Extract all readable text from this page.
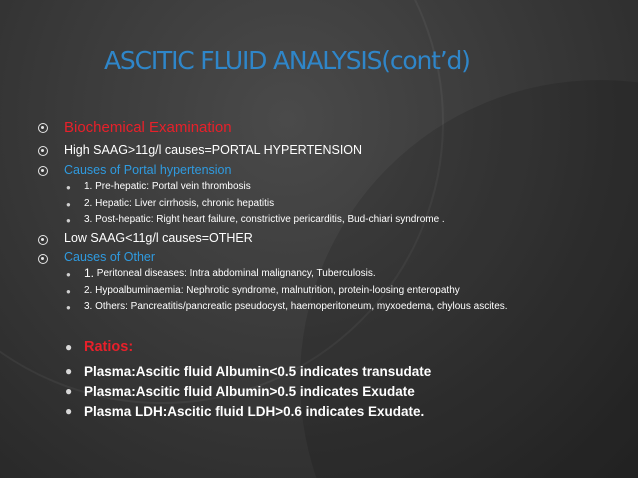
ASCITIC FLUID ANALYSIS(cont’d)
Biochemical Examination
High SAAG>11g/l causes=PORTAL HYPERTENSION
Causes of Portal hypertension
● 1. Pre-hepatic: Portal vein thrombosis
● 2. Hepatic: Liver cirrhosis, chronic hepatitis
● 3. Post-hepatic: Right heart failure, constrictive pericarditis, Bud-chiari syndrome .
Low SAAG<11g/l causes=OTHER
Causes of Other
● 1. Peritoneal diseases: Intra abdominal malignancy, Tuberculosis.
● 2. Hypoalbuminaemia: Nephrotic syndrome, malnutrition, protein-loosing enteropathy
● 3. Others: Pancreatitis/pancreatic pseudocyst, haemoperitoneum, myxoedema, chylous ascites.
● Ratios:
● Plasma:Ascitic fluid Albumin<0.5 indicates transudate
● Plasma:Ascitic fluid Albumin>0.5 indicates Exudate
● Plasma LDH:Ascitic fluid LDH>0.6 indicates Exudate.
